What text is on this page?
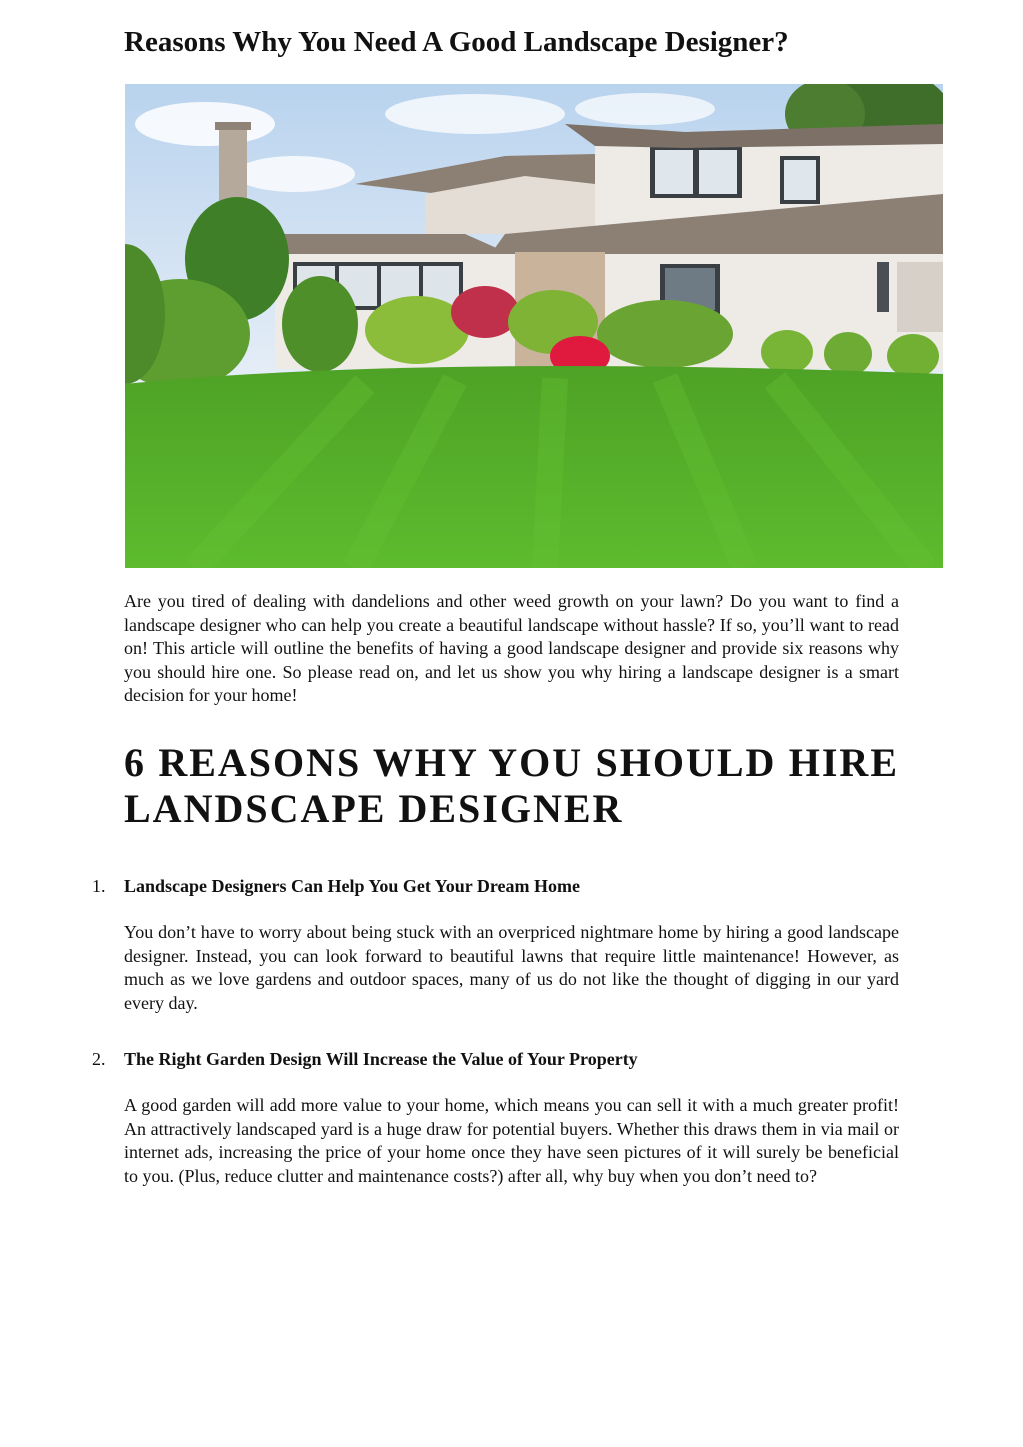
Reasons Why You Need A Good Landscape Designer?

Are you tired of dealing with dandelions and other weed growth on your lawn? Do you want to find a landscape designer who can help you create a beautiful landscape without hassle? If so, you’ll want to read on! This article will outline the benefits of having a good landscape designer and provide six reasons why you should hire one. So please read on, and let us show you why hiring a landscape designer is a smart decision for your home!

6 REASONS WHY YOU SHOULD HIRE LANDSCAPE DESIGNER
1. Landscape Designers Can Help You Get Your Dream Home

You don’t have to worry about being stuck with an overpriced nightmare home by hiring a good landscape designer. Instead, you can look forward to beautiful lawns that require little maintenance! However, as much as we love gardens and outdoor spaces, many of us do not like the thought of digging in our yard every day.

2. The Right Garden Design Will Increase the Value of Your Property

A good garden will add more value to your home, which means you can sell it with a much greater profit! An attractively landscaped yard is a huge draw for potential buyers. Whether this draws them in via mail or internet ads, increasing the price of your home once they have seen pictures of it will surely be beneficial to you. (Plus, reduce clutter and maintenance costs?) after all, why buy when you don’t need to?
